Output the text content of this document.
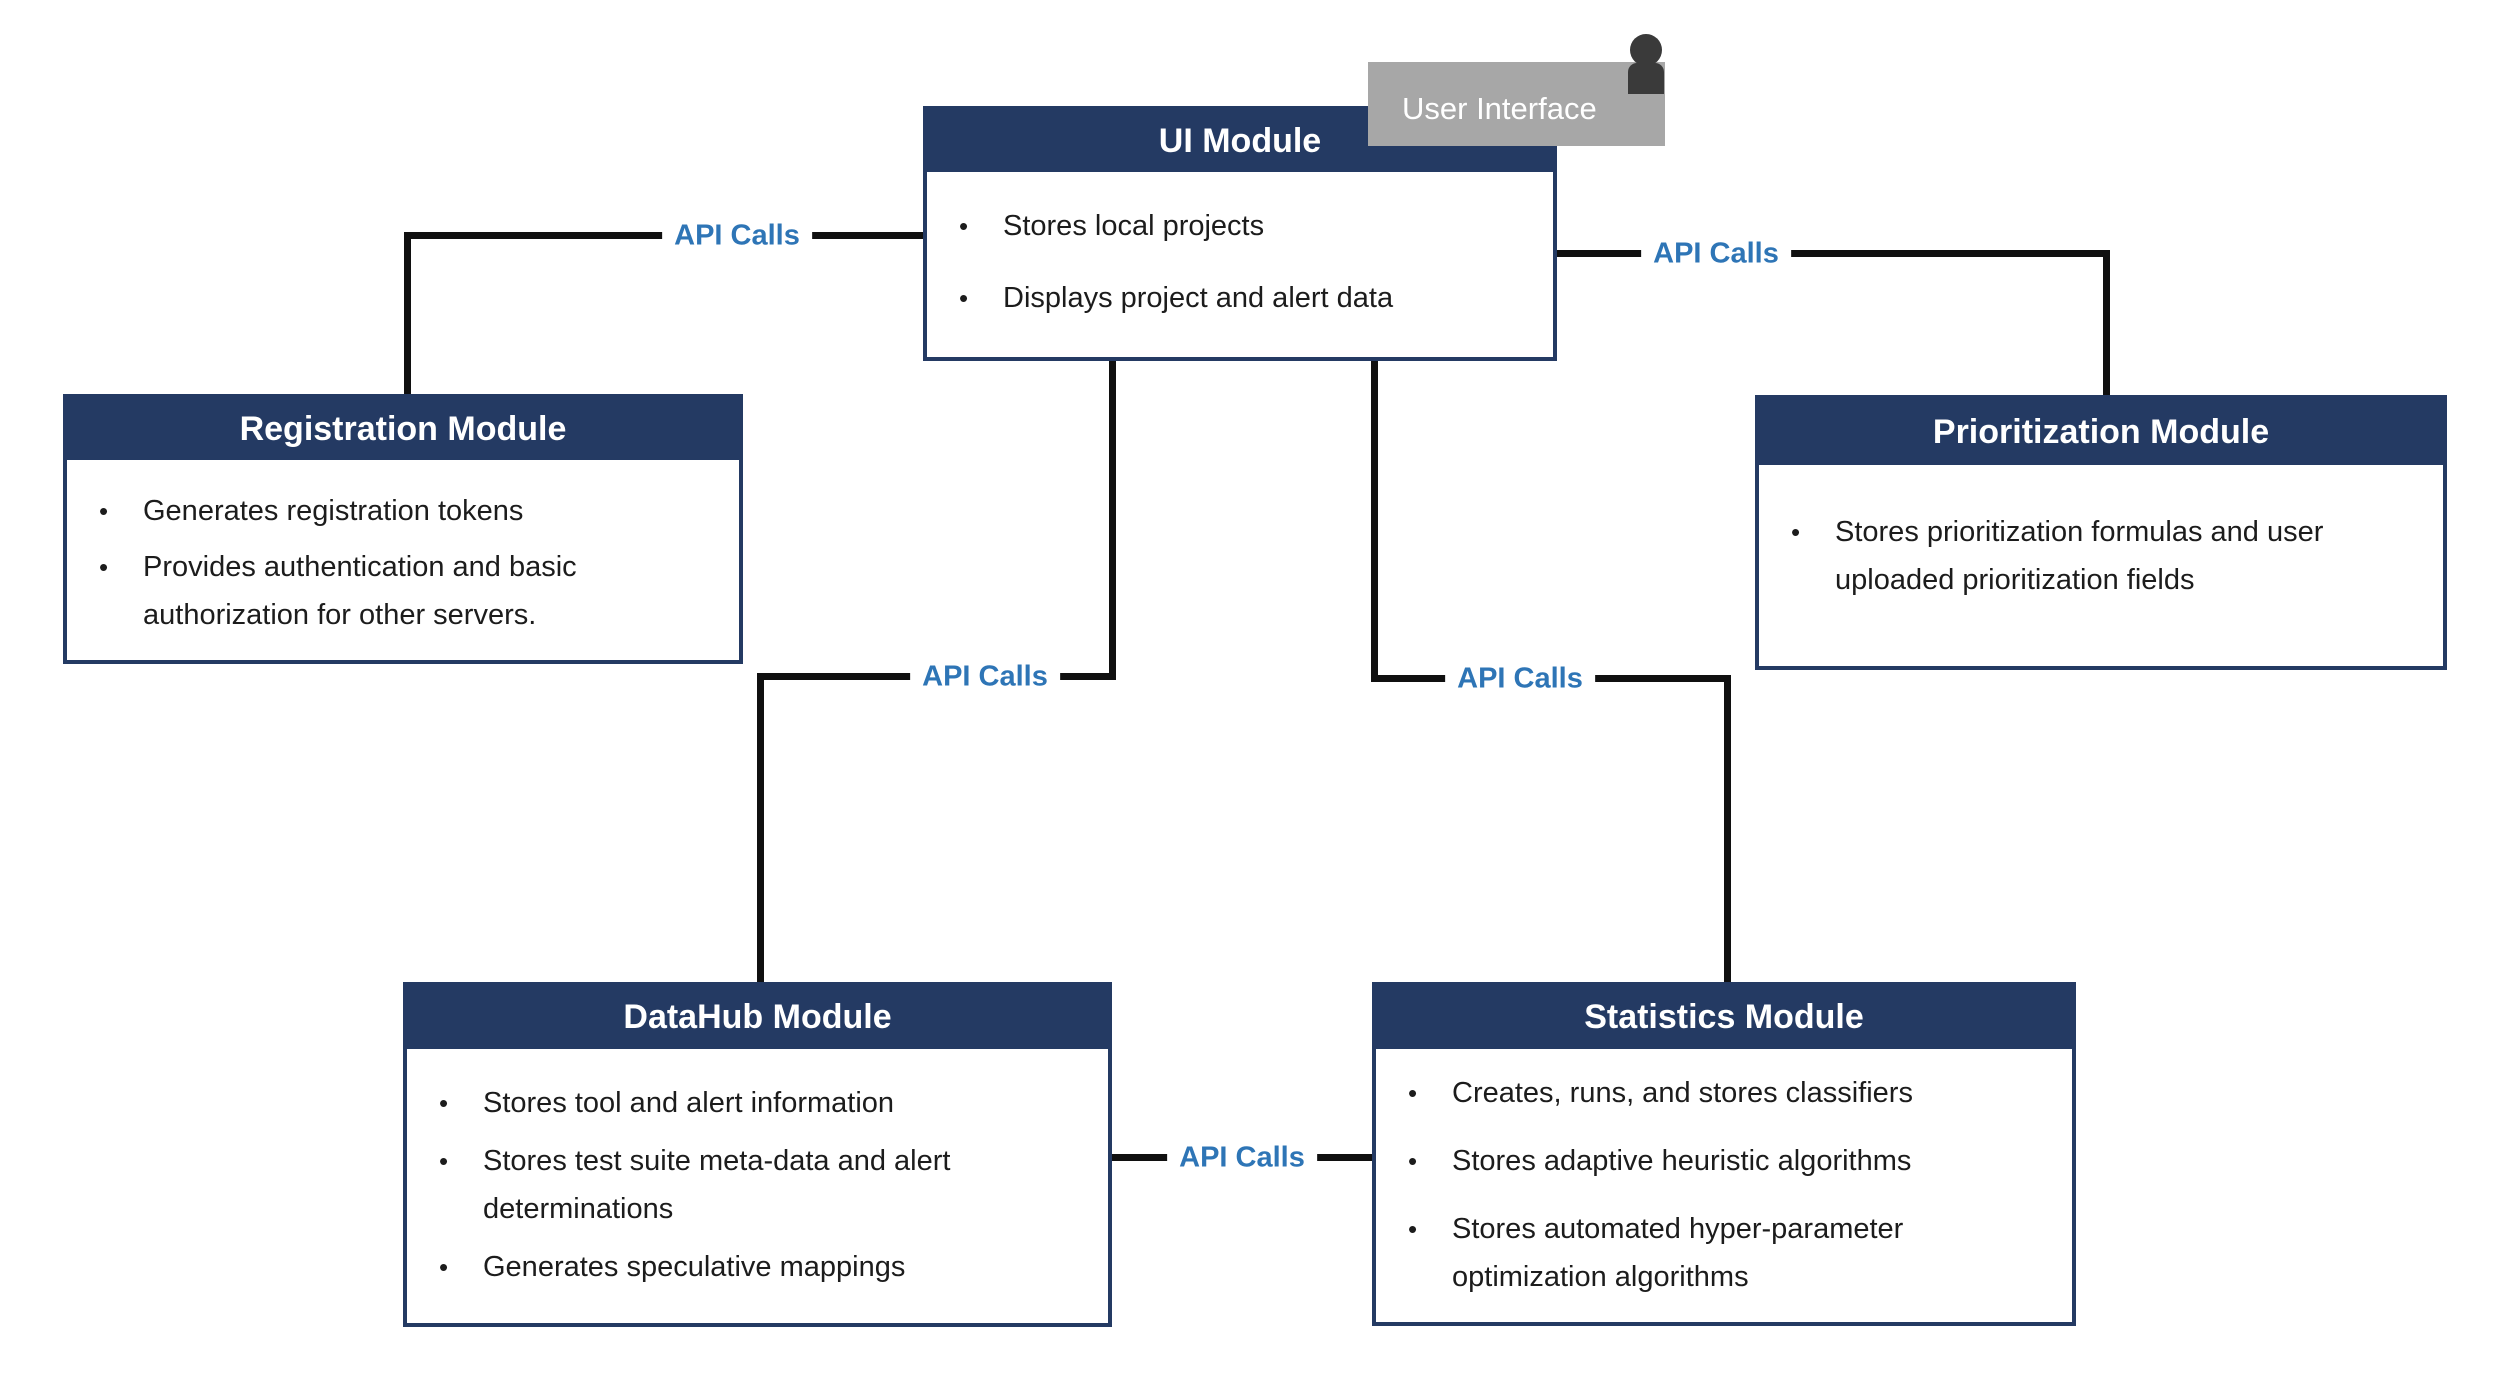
API Calls
API Calls
API Calls	API Calls
API Calls
UI Module
•
Stores local projects
•
Displays project and alert data
Registration Module
•
Generates registration tokens
•
Provides authentication and basic authorization for other servers.
Prioritization Module
•
Stores prioritization formulas and user uploaded prioritization fields
DataHub Module
•
Stores tool and alert information
•
Stores test suite meta-data and alert determinations
•
Generates speculative mappings
Statistics Module
•
Creates, runs, and stores classifiers
•
Stores adaptive heuristic algorithms
•
Stores automated hyper-parameter optimization algorithms
User Interface
